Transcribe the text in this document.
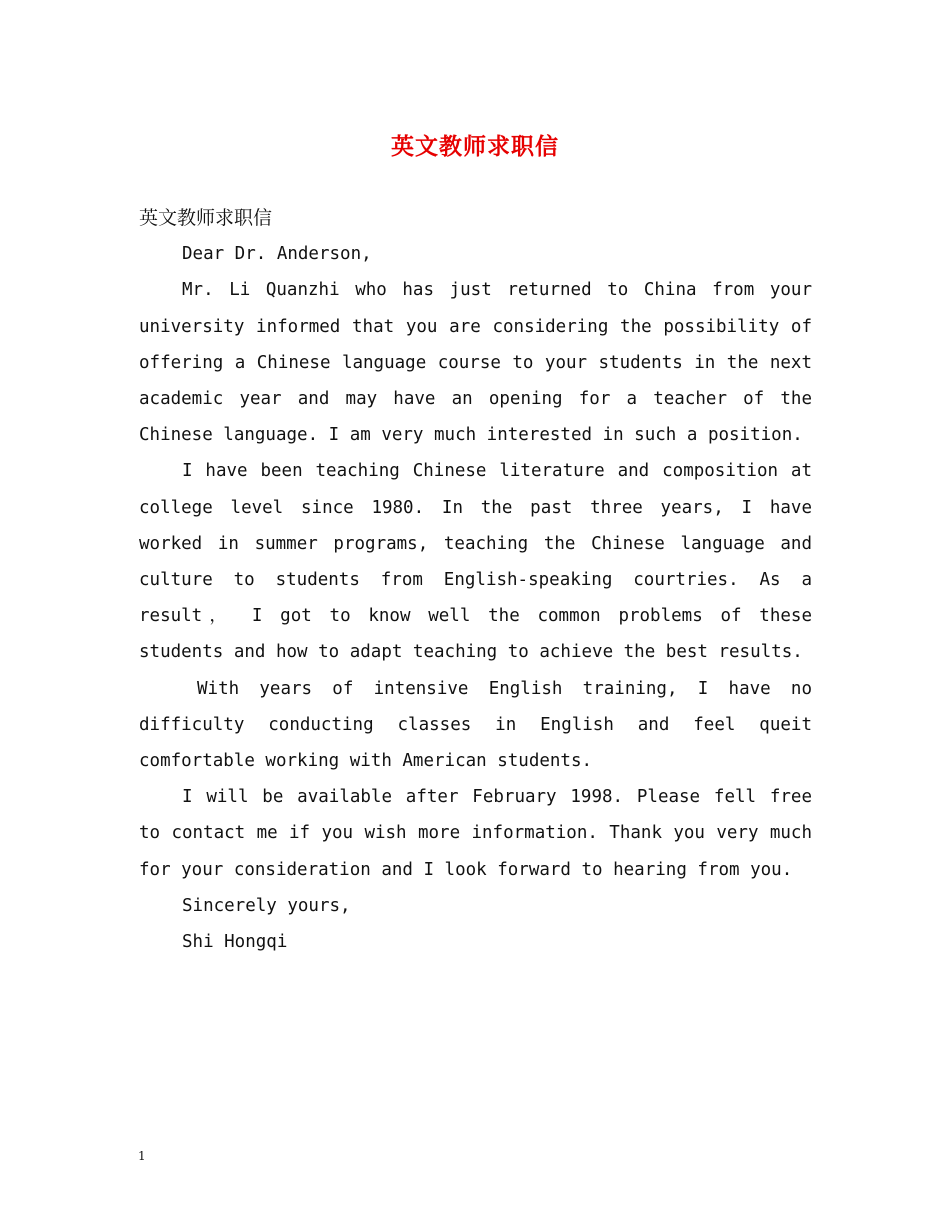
英文教师求职信

英文教师求职信

Dear Dr. Anderson,

Mr. Li Quanzhi who has just returned to China from your university informed that you are considering the possibility of offering a Chinese language course to your students in the next academic year and may have an opening for a teacher of the Chinese language. I am very much interested in such a position.

I have been teaching Chinese literature and composition at college level since 1980. In the past three years, I have worked in summer programs, teaching the Chinese language and culture to students from English-speaking courtries. As a result， I got to know well the common problems of these students and how to adapt teaching to achieve the best results.

With years of intensive English training, I have no difficulty conducting classes in English and feel queit comfortable working with American students.

I will be available after February 1998. Please fell free to contact me if you wish more information. Thank you very much for your consideration and I look forward to hearing from you.

Sincerely yours,

Shi Hongqi

1
